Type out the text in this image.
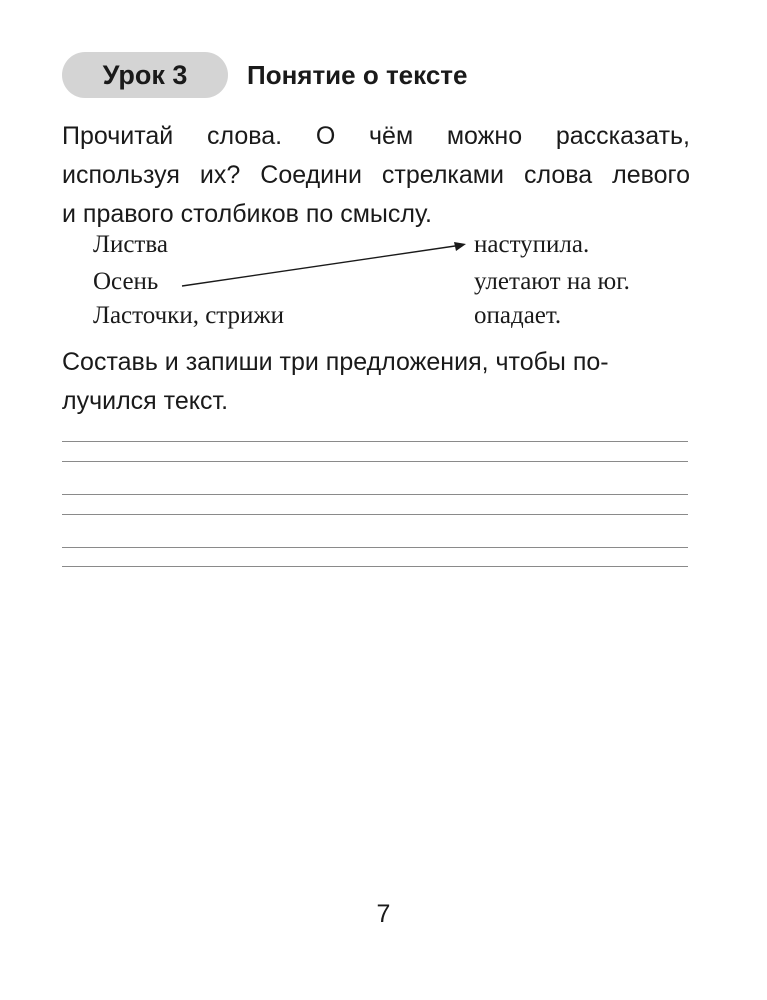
Урок 3 Понятие о тексте
Прочитай слова. О чём можно рассказать,
используя их? Соедини стрелками слова левого
и правого столбиков по смыслу.
Листва
Осень
Ласточки, стрижи
наступила.
улетают на юг.
опадает.
Составь и запиши три предложения, чтобы по-
лучился текст.
7
